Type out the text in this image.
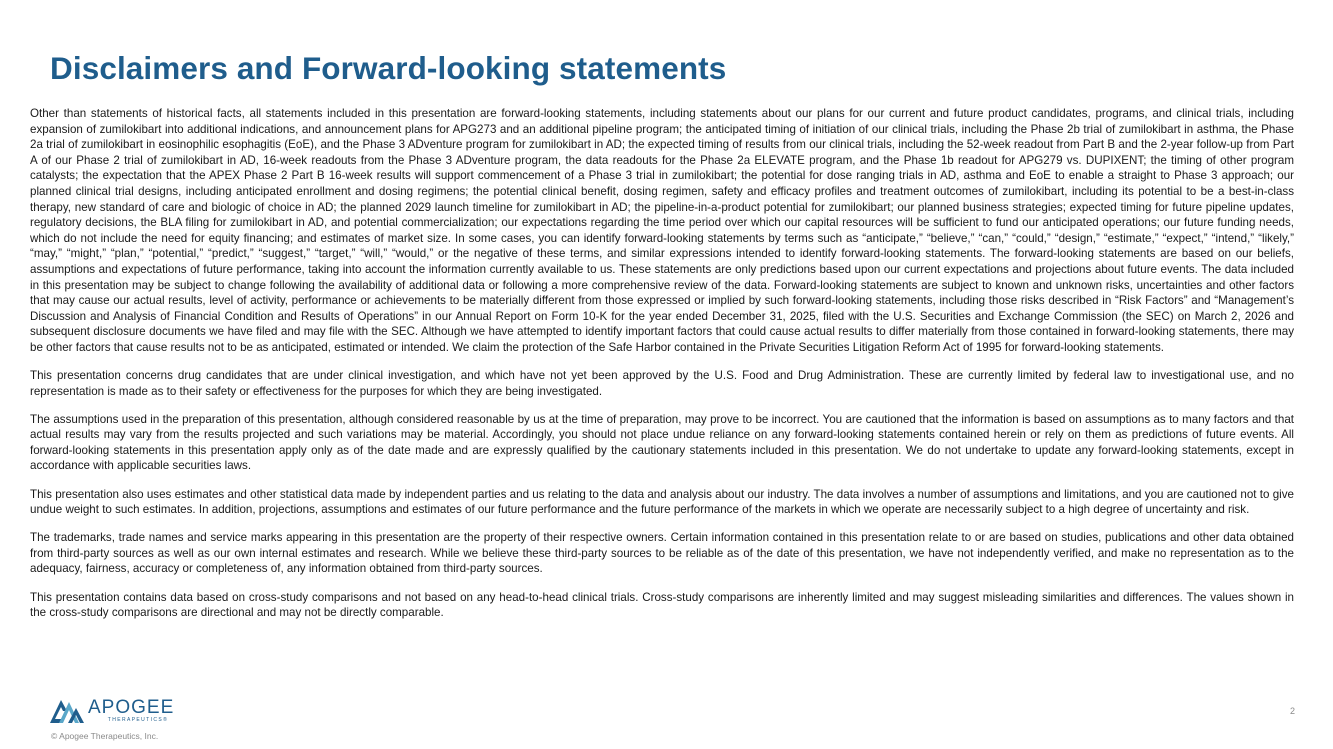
Disclaimers and Forward-looking statements

Other than statements of historical facts, all statements included in this presentation are forward-looking statements, including statements about our plans for our current and future product candidates, programs, and clinical trials, including expansion of zumilokibart into additional indications, and announcement plans for APG273 and an additional pipeline program; the anticipated timing of initiation of our clinical trials, including the Phase 2b trial of zumilokibart in asthma, the Phase 2a trial of zumilokibart in eosinophilic esophagitis (EoE), and the Phase 3 ADventure program for zumilokibart in AD; the expected timing of results from our clinical trials, including the 52-week readout from Part B and the 2-year follow-up from Part A of our Phase 2 trial of zumilokibart in AD, 16-week readouts from the Phase 3 ADventure program, the data readouts for the Phase 2a ELEVATE program, and the Phase 1b readout for APG279 vs. DUPIXENT; the timing of other program catalysts; the expectation that the APEX Phase 2 Part B 16-week results will support commencement of a Phase 3 trial in zumilokibart; the potential for dose ranging trials in AD, asthma and EoE to enable a straight to Phase 3 approach; our planned clinical trial designs, including anticipated enrollment and dosing regimens; the potential clinical benefit, dosing regimen, safety and efficacy profiles and treatment outcomes of zumilokibart, including its potential to be a best-in-class therapy, new standard of care and biologic of choice in AD; the planned 2029 launch timeline for zumilokibart in AD; the pipeline-in-a-product potential for zumilokibart; our planned business strategies; expected timing for future pipeline updates, regulatory decisions, the BLA filing for zumilokibart in AD, and potential commercialization; our expectations regarding the time period over which our capital resources will be sufficient to fund our anticipated operations; our future funding needs, which do not include the need for equity financing; and estimates of market size. In some cases, you can identify forward-looking statements by terms such as “anticipate,” “believe,” “can,” “could,” “design,” “estimate,” “expect,” “intend,” “likely,” “may,” “might,” “plan,” “potential,” “predict,” “suggest,” “target,” “will,” “would,” or the negative of these terms, and similar expressions intended to identify forward-looking statements. The forward-looking statements are based on our beliefs, assumptions and expectations of future performance, taking into account the information currently available to us. These statements are only predictions based upon our current expectations and projections about future events. The data included in this presentation may be subject to change following the availability of additional data or following a more comprehensive review of the data. Forward-looking statements are subject to known and unknown risks, uncertainties and other factors that may cause our actual results, level of activity, performance or achievements to be materially different from those expressed or implied by such forward-looking statements, including those risks described in “Risk Factors” and “Management’s Discussion and Analysis of Financial Condition and Results of Operations” in our Annual Report on Form 10-K for the year ended December 31, 2025, filed with the U.S. Securities and Exchange Commission (the SEC) on March 2, 2026 and subsequent disclosure documents we have filed and may file with the SEC. Although we have attempted to identify important factors that could cause actual results to differ materially from those contained in forward-looking statements, there may be other factors that cause results not to be as anticipated, estimated or intended. We claim the protection of the Safe Harbor contained in the Private Securities Litigation Reform Act of 1995 for forward-looking statements.

This presentation concerns drug candidates that are under clinical investigation, and which have not yet been approved by the U.S. Food and Drug Administration. These are currently limited by federal law to investigational use, and no representation is made as to their safety or effectiveness for the purposes for which they are being investigated.

The assumptions used in the preparation of this presentation, although considered reasonable by us at the time of preparation, may prove to be incorrect. You are cautioned that the information is based on assumptions as to many factors and that actual results may vary from the results projected and such variations may be material. Accordingly, you should not place undue reliance on any forward-looking statements contained herein or rely on them as predictions of future events. All forward-looking statements in this presentation apply only as of the date made and are expressly qualified by the cautionary statements included in this presentation. We do not undertake to update any forward-looking statements, except in accordance with applicable securities laws.

This presentation also uses estimates and other statistical data made by independent parties and us relating to the data and analysis about our industry. The data involves a number of assumptions and limitations, and you are cautioned not to give undue weight to such estimates. In addition, projections, assumptions and estimates of our future performance and the future performance of the markets in which we operate are necessarily subject to a high degree of uncertainty and risk.

The trademarks, trade names and service marks appearing in this presentation are the property of their respective owners. Certain information contained in this presentation relate to or are based on studies, publications and other data obtained from third-party sources as well as our own internal estimates and research. While we believe these third-party sources to be reliable as of the date of this presentation, we have not independently verified, and make no representation as to the adequacy, fairness, accuracy or completeness of, any information obtained from third-party sources.

This presentation contains data based on cross-study comparisons and not based on any head-to-head clinical trials. Cross-study comparisons are inherently limited and may suggest misleading similarities and differences. The values shown in the cross-study comparisons are directional and may not be directly comparable.

APOGEE
THERAPEUTICS®
© Apogee Therapeutics, Inc.
2
